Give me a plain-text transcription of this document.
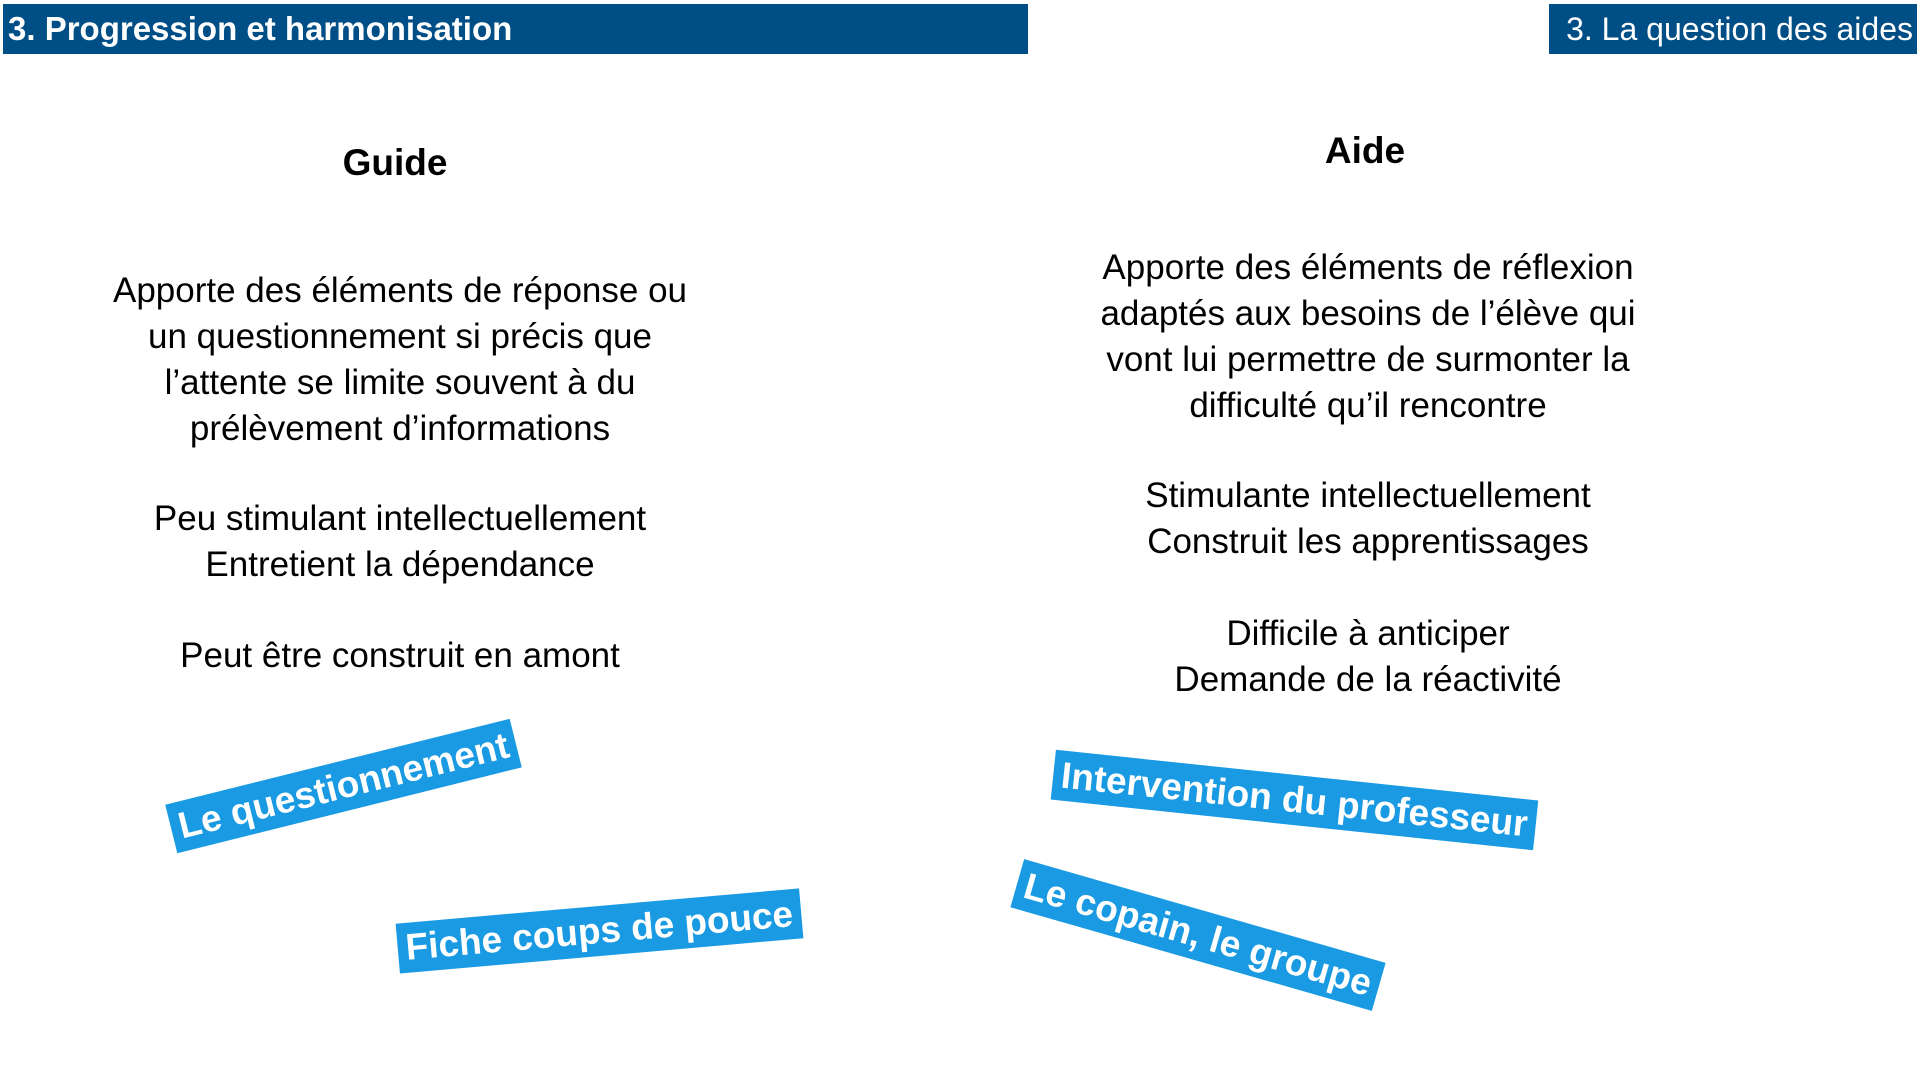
3. Progression et harmonisation	3. La question des aides
Guide
Apporte des éléments de réponse ou
un questionnement si précis que
l’attente se limite souvent à du
prélèvement d’informations
Peu stimulant intellectuellement
Entretient la dépendance
Peut être construit en amont
Aide
Apporte des éléments de réflexion
adaptés aux besoins de l’élève qui
vont lui permettre de surmonter la
difficulté qu’il rencontre
Stimulante intellectuellement
Construit les apprentissages
Difficile à anticiper
Demande de la réactivité
Le questionnement
Fiche coups de pouce
Intervention du professeur
Le copain, le groupe
